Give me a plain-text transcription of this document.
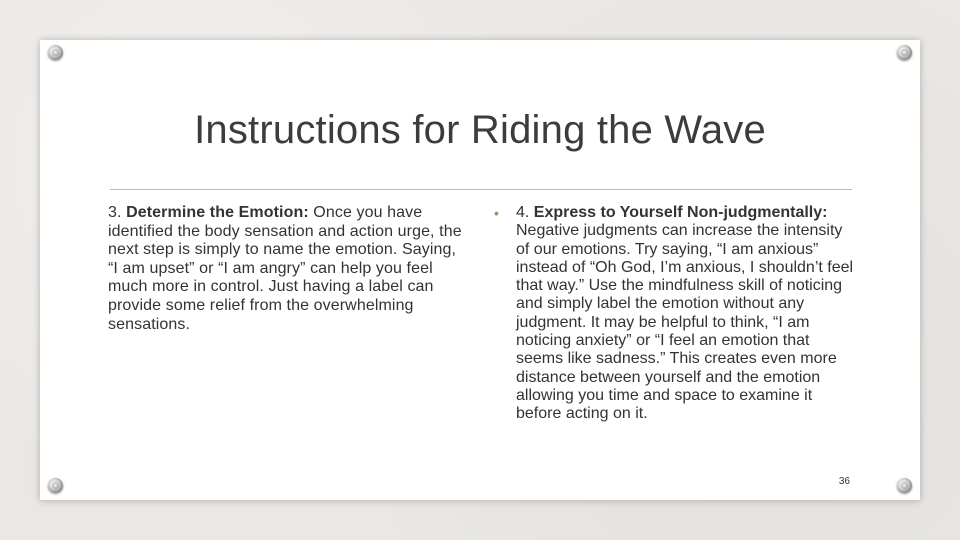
Instructions for Riding the Wave
3. Determine the Emotion: Once you have identified the body sensation and action urge, the next step is simply to name the emotion. Saying, “I am upset” or “I am angry” can help you feel much more in control. Just having a label can provide some relief from the overwhelming sensations.
• 4. Express to Yourself Non-judgmentally: Negative judgments can increase the intensity of our emotions. Try saying, “I am anxious” instead of “Oh God, I’m anxious, I shouldn’t feel that way.” Use the mindfulness skill of noticing and simply label the emotion without any judgment. It may be helpful to think, “I am noticing anxiety” or “I feel an emotion that seems like sadness.” This creates even more distance between yourself and the emotion allowing you time and space to examine it before acting on it.
36
